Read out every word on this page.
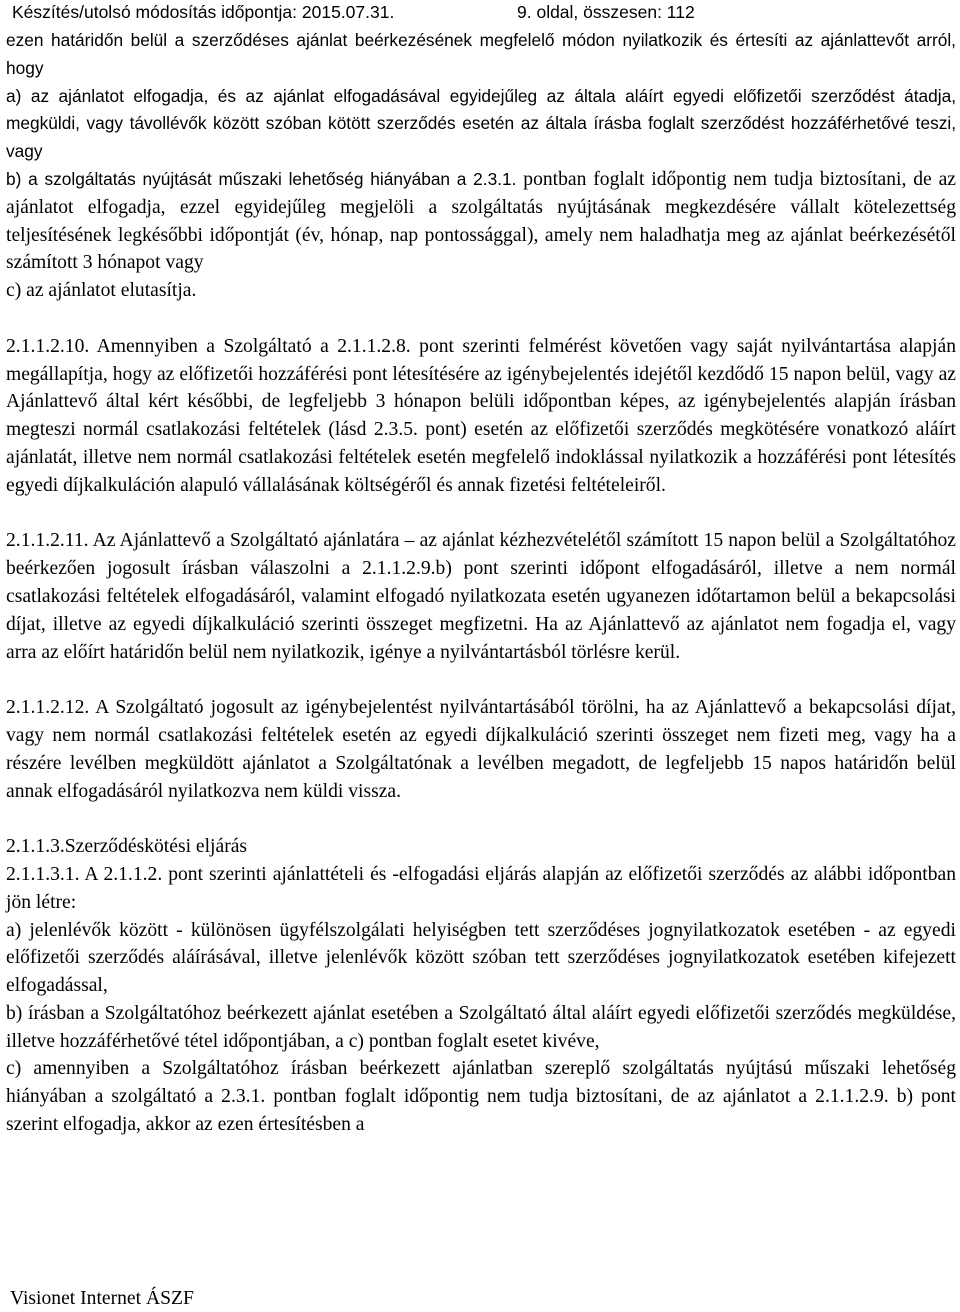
Készítés/utolsó módosítás időpontja: 2015.07.31.	9. oldal, összesen: 112

ezen határidőn belül a szerződéses ajánlat beérkezésének megfelelő módon nyilatkozik és értesíti az ajánlattevőt arról, hogy

a) az ajánlatot elfogadja, és az ajánlat elfogadásával egyidejűleg az általa aláírt egyedi előfizetői szerződést átadja, megküldi, vagy távollévők között szóban kötött szerződés esetén az általa írásba foglalt szerződést hozzáférhetővé teszi, vagy

b) a szolgáltatás nyújtását műszaki lehetőség hiányában a 2.3.1. pontban foglalt időpontig nem tudja biztosítani, de az ajánlatot elfogadja, ezzel egyidejűleg megjelöli a szolgáltatás nyújtásának megkezdésére vállalt kötelezettség teljesítésének legkésőbbi időpontját (év, hónap, nap pontossággal), amely nem haladhatja meg az ajánlat beérkezésétől számított 3 hónapot vagy

c) az ajánlatot elutasítja.

2.1.1.2.10. Amennyiben a Szolgáltató a 2.1.1.2.8. pont szerinti felmérést követően vagy saját nyilvántartása alapján megállapítja, hogy az előfizetői hozzáférési pont létesítésére az igénybejelentés idejétől kezdődő 15 napon belül, vagy az Ajánlattevő által kért későbbi, de legfeljebb 3 hónapon belüli időpontban képes, az igénybejelentés alapján írásban megteszi normál csatlakozási feltételek (lásd 2.3.5. pont) esetén az előfizetői szerződés megkötésére vonatkozó aláírt ajánlatát, illetve nem normál csatlakozási feltételek esetén megfelelő indoklással nyilatkozik a hozzáférési pont létesítés egyedi díjkalkuláción alapuló vállalásának költségéről és annak fizetési feltételeiről.

2.1.1.2.11. Az Ajánlattevő a Szolgáltató ajánlatára – az ajánlat kézhezvételétől számított 15 napon belül a Szolgáltatóhoz beérkezően jogosult írásban válaszolni a 2.1.1.2.9.b) pont szerinti időpont elfogadásáról, illetve a nem normál csatlakozási feltételek elfogadásáról, valamint elfogadó nyilatkozata esetén ugyanezen időtartamon belül a bekapcsolási díjat, illetve az egyedi díjkalkuláció szerinti összeget megfizetni. Ha az Ajánlattevő az ajánlatot nem fogadja el, vagy arra az előírt határidőn belül nem nyilatkozik, igénye a nyilvántartásból törlésre kerül.

2.1.1.2.12. A Szolgáltató jogosult az igénybejelentést nyilvántartásából törölni, ha az Ajánlattevő a bekapcsolási díjat, vagy nem normál csatlakozási feltételek esetén az egyedi díjkalkuláció szerinti összeget nem fizeti meg, vagy ha a részére levélben megküldött ajánlatot a Szolgáltatónak a levélben megadott, de legfeljebb 15 napos határidőn belül annak elfogadásáról nyilatkozva nem küldi vissza.

2.1.1.3.Szerződéskötési eljárás

2.1.1.3.1. A 2.1.1.2. pont szerinti ajánlattételi és -elfogadási eljárás alapján az előfizetői szerződés az alábbi időpontban jön létre:

a) jelenlévők között - különösen ügyfélszolgálati helyiségben tett szerződéses jognyilatkozatok esetében - az egyedi előfizetői szerződés aláírásával, illetve jelenlévők között szóban tett szerződéses jognyilatkozatok esetében kifejezett elfogadással,

b) írásban a Szolgáltatóhoz beérkezett ajánlat esetében a Szolgáltató által aláírt egyedi előfizetői szerződés megküldése, illetve hozzáférhetővé tétel időpontjában, a c) pontban foglalt esetet kivéve,

c) amennyiben a Szolgáltatóhoz írásban beérkezett ajánlatban szereplő szolgáltatás nyújtású műszaki lehetőség hiányában a szolgáltató a 2.3.1. pontban foglalt időpontig nem tudja biztosítani, de az ajánlatot a 2.1.1.2.9. b) pont szerint elfogadja, akkor az ezen értesítésben a

Visionet Internet ÁSZF
